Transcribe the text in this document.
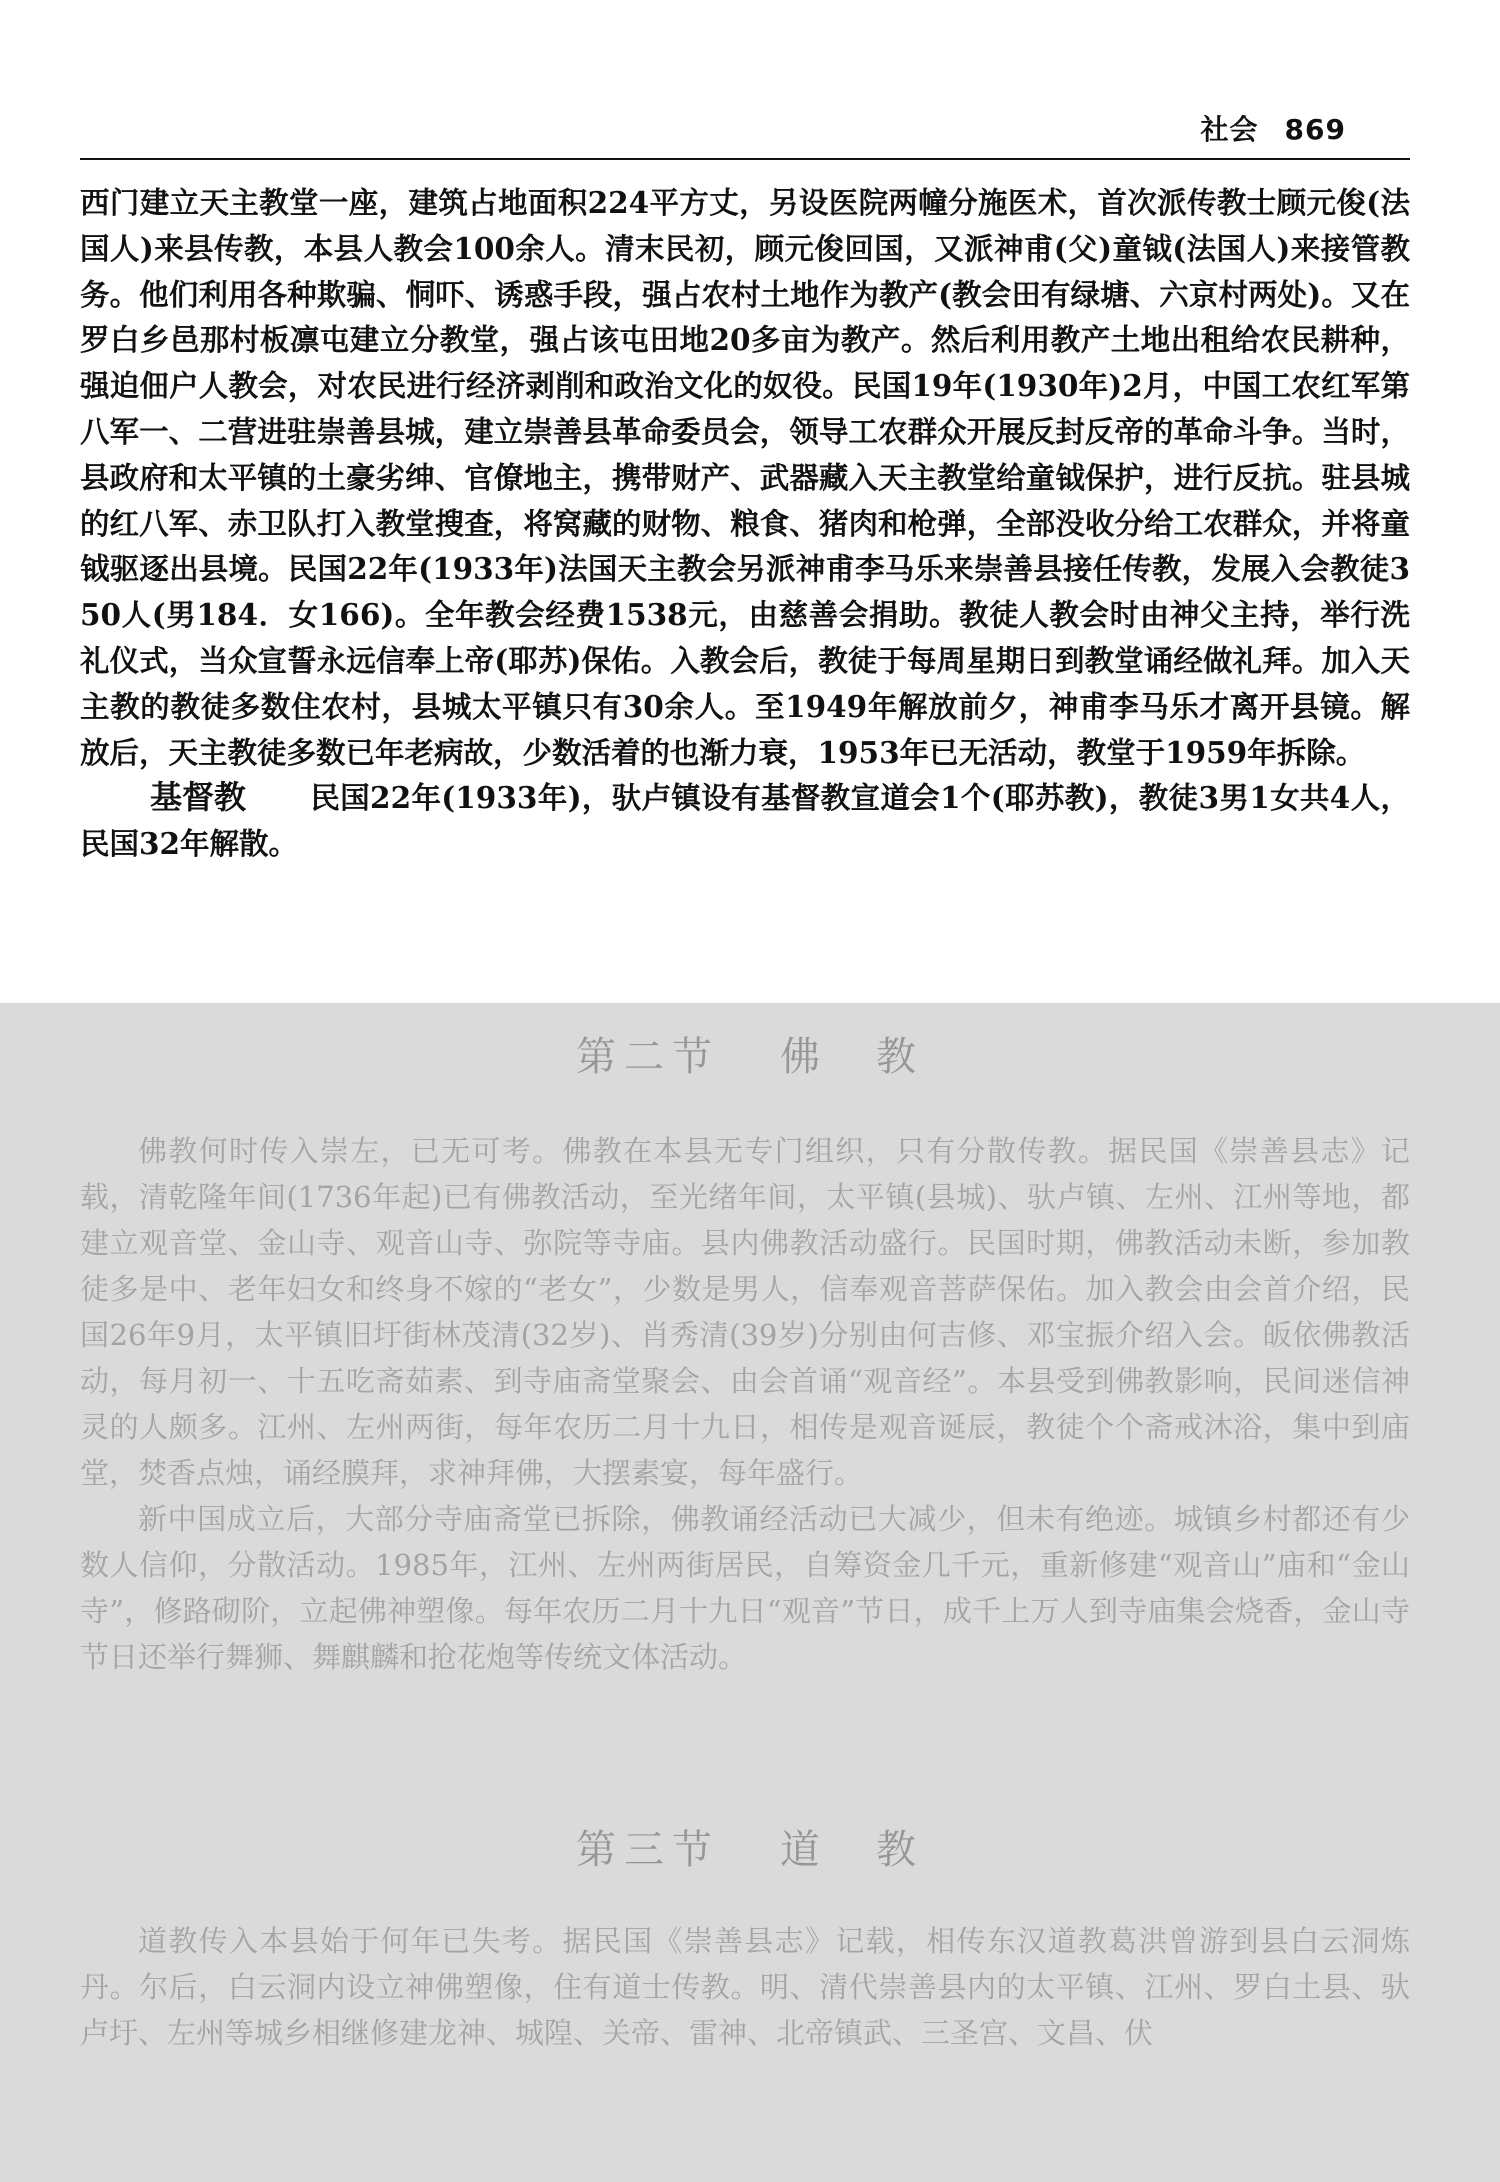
社会 869

西门建立天主教堂一座，建筑占地面积224平方丈，另设医院两幢分施医术，首次派传教士顾元俊(法国人)来县传教，本县人教会100余人。清末民初，顾元俊回国，又派神甫(父)童钺(法国人)来接管教务。他们利用各种欺骗、恫吓、诱惑手段，强占农村土地作为教产(教会田有绿塘、六京村两处)。又在罗白乡邑那村板凛屯建立分教堂，强占该屯田地20多亩为教产。然后利用教产土地出租给农民耕种，强迫佃户人教会，对农民进行经济剥削和政治文化的奴役。民国19年(1930年)2月，中国工农红军第八军一、二营进驻崇善县城，建立崇善县革命委员会，领导工农群众开展反封反帝的革命斗争。当时，县政府和太平镇的土豪劣绅、官僚地主，携带财产、武器藏入天主教堂给童钺保护，进行反抗。驻县城的红八军、赤卫队打入教堂搜查，将窝藏的财物、粮食、猪肉和枪弹，全部没收分给工农群众，并将童钺驱逐出县境。民国22年(1933年)法国天主教会另派神甫李马乐来崇善县接任传教，发展入会教徒350人(男184．女166)。全年教会经费1538元，由慈善会捐助。教徒人教会时由神父主持，举行洗礼仪式，当众宣誓永远信奉上帝(耶苏)保佑。入教会后，教徒于每周星期日到教堂诵经做礼拜。加入天主教的教徒多数住农村，县城太平镇只有30余人。至1949年解放前夕，神甫李马乐才离开县镜。解放后，天主教徒多数已年老病故，少数活着的也渐力衰，1953年已无活动，教堂于1959年拆除。

基督教 民国22年(1933年)，驮卢镇设有基督教宣道会1个(耶苏教)，教徒3男1女共4人，民国32年解散。

第二节 佛　教

佛教何时传入崇左，已无可考。佛教在本县无专门组织，只有分散传教。据民国《崇善县志》记载，清乾隆年间(1736年起)已有佛教活动，至光绪年间，太平镇(县城)、驮卢镇、左州、江州等地，都建立观音堂、金山寺、观音山寺、弥院等寺庙。县内佛教活动盛行。民国时期，佛教活动未断，参加教徒多是中、老年妇女和终身不嫁的“老女”，少数是男人，信奉观音菩萨保佑。加入教会由会首介绍，民国26年9月，太平镇旧圩街林茂清(32岁)、肖秀清(39岁)分别由何吉修、邓宝振介绍入会。皈依佛教活动，每月初一、十五吃斋茹素、到寺庙斋堂聚会、由会首诵“观音经”。本县受到佛教影响，民间迷信神灵的人颇多。江州、左州两街，每年农历二月十九日，相传是观音诞辰，教徒个个斋戒沐浴，集中到庙堂，焚香点烛，诵经膜拜，求神拜佛，大摆素宴，每年盛行。

新中国成立后，大部分寺庙斋堂已拆除，佛教诵经活动已大减少，但未有绝迹。城镇乡村都还有少数人信仰，分散活动。1985年，江州、左州两街居民，自筹资金几千元，重新修建“观音山”庙和“金山寺”，修路砌阶，立起佛神塑像。每年农历二月十九日“观音”节日，成千上万人到寺庙集会烧香，金山寺节日还举行舞狮、舞麒麟和抢花炮等传统文体活动。

第三节 道　教

道教传入本县始于何年已失考。据民国《崇善县志》记载，相传东汉道教葛洪曾游到县白云洞炼丹。尔后，白云洞内设立神佛塑像，住有道士传教。明、清代崇善县内的太平镇、江州、罗白土县、驮卢圩、左州等城乡相继修建龙神、城隍、关帝、雷神、北帝镇武、三圣宫、文昌、伏
